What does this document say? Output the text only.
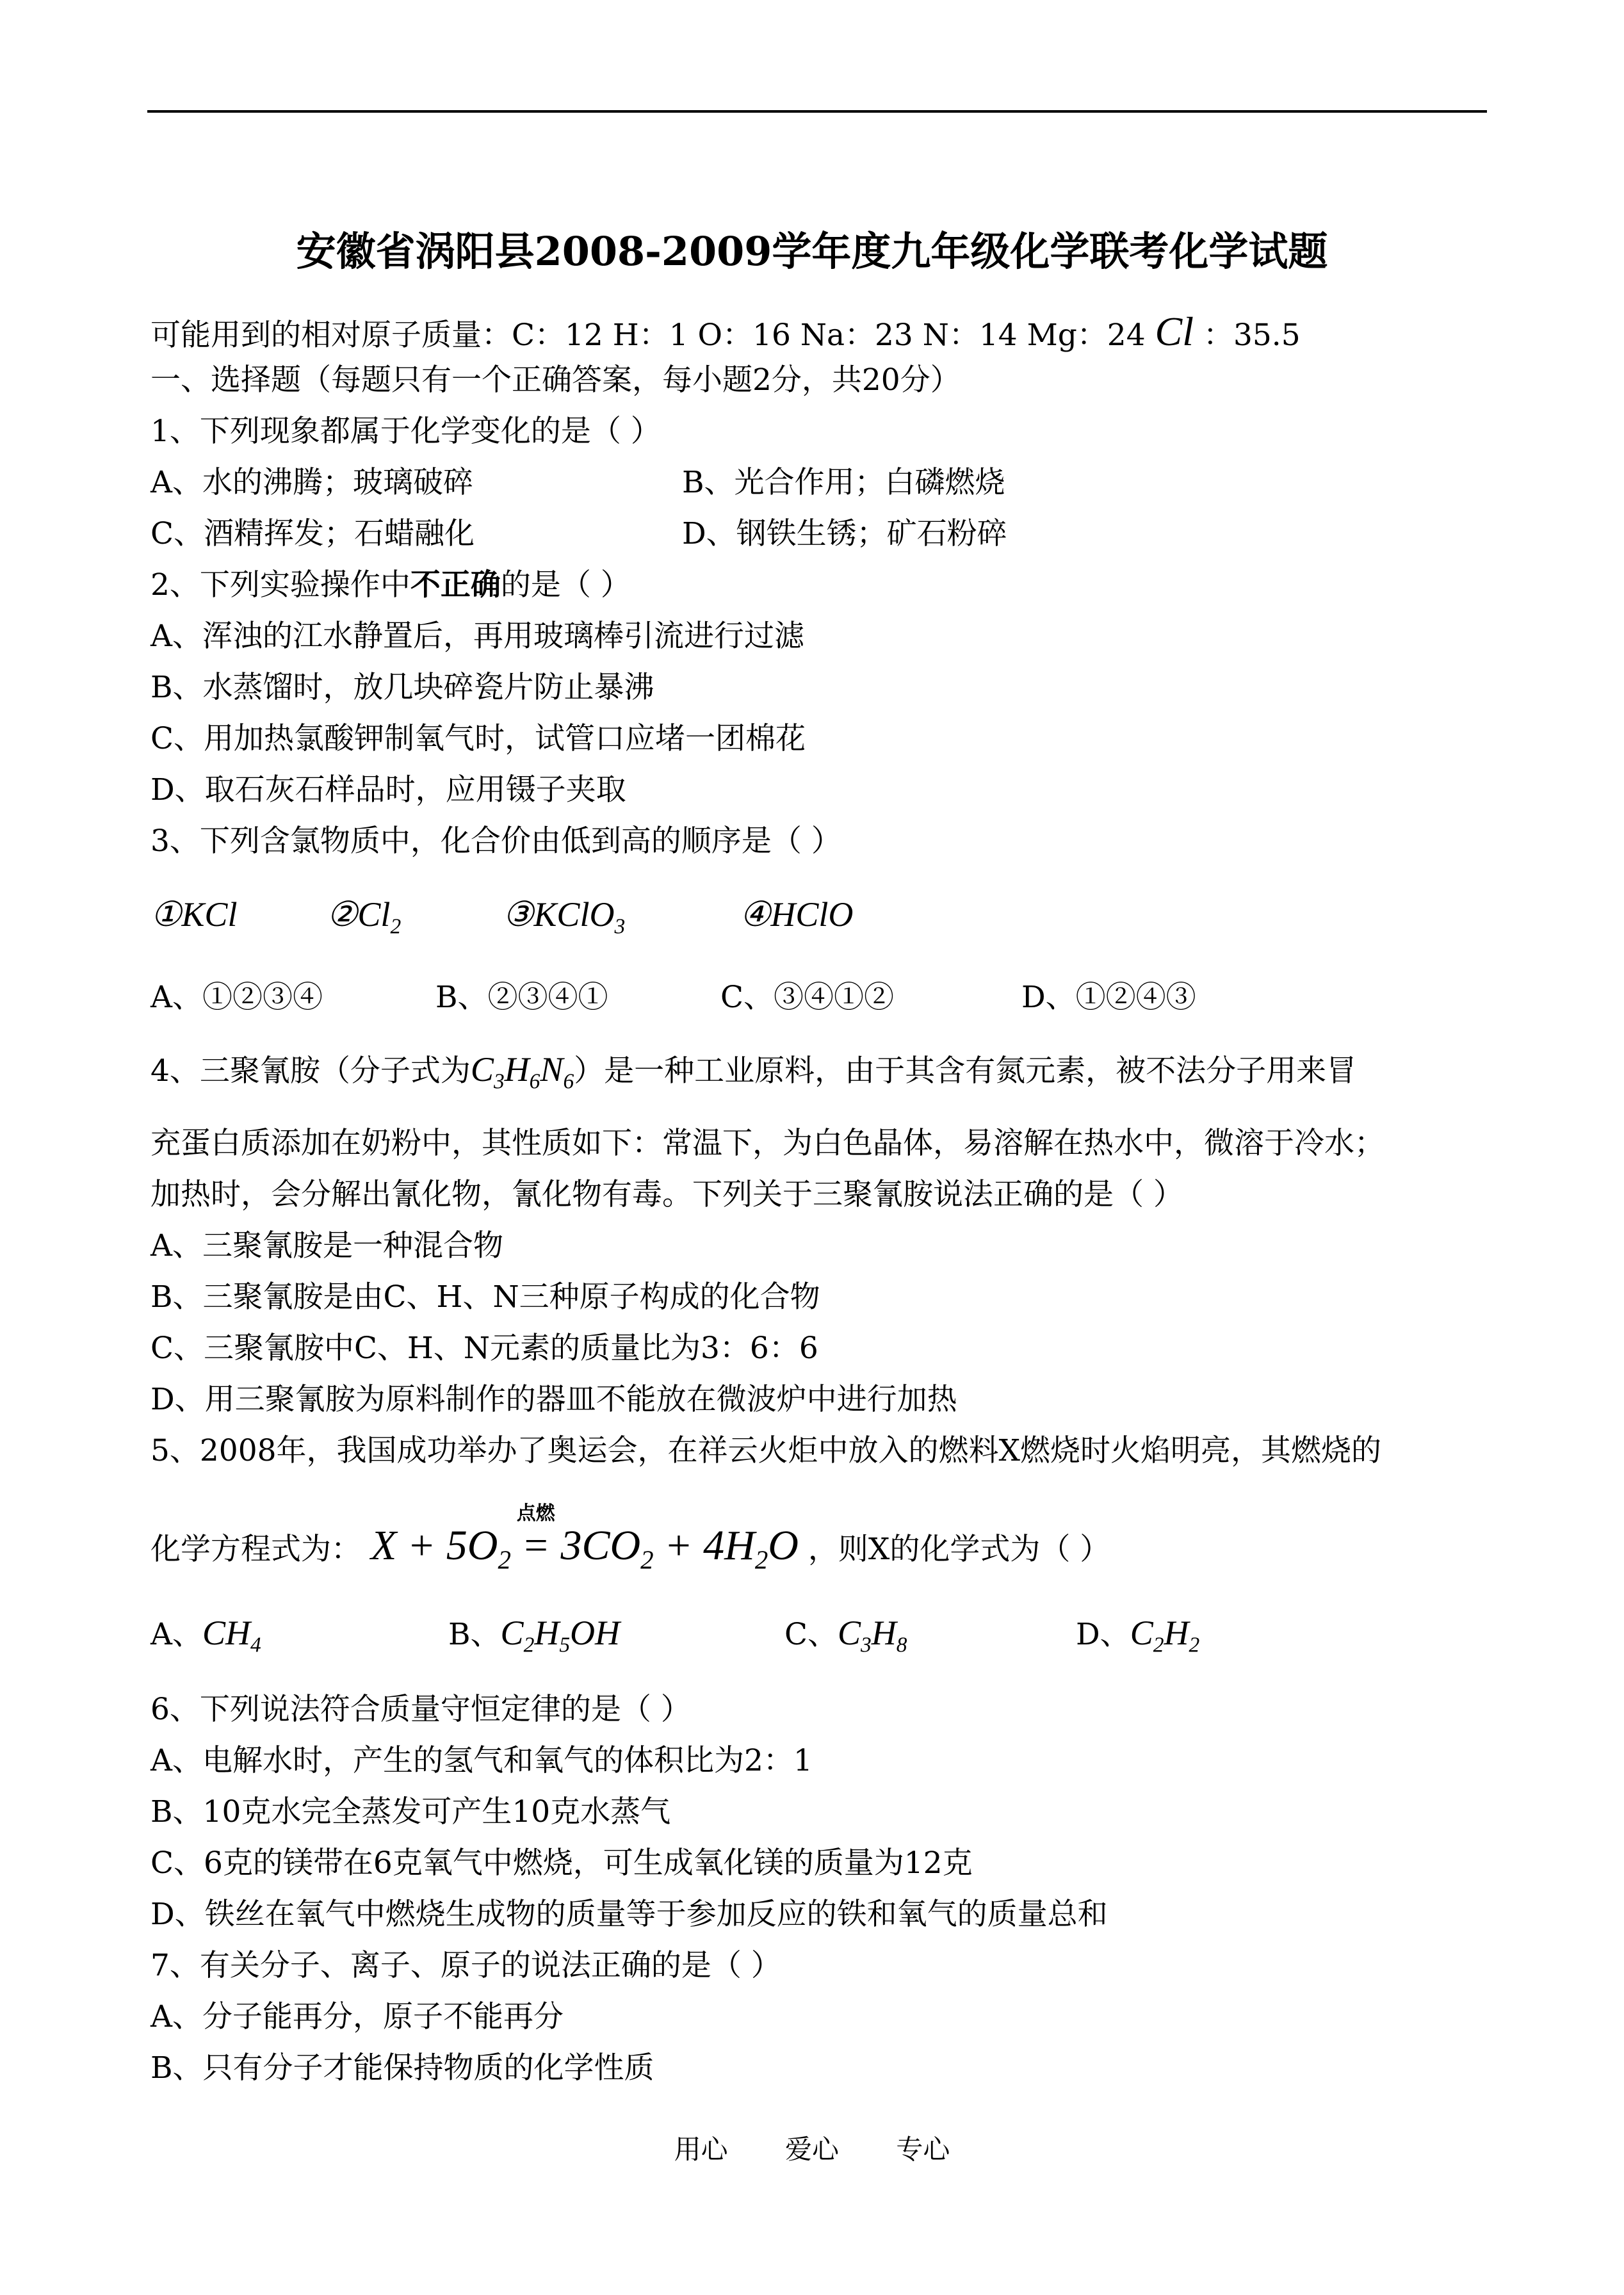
安徽省涡阳县2008-2009学年度九年级化学联考化学试题
可能用到的相对原子质量：C：12 H：1 O：16 Na：23 N：14 Mg：24 Cl ：35.5
一、选择题（每题只有一个正确答案，每小题2分，共20分）
1、下列现象都属于化学变化的是（ ）
A、水的沸腾；玻璃破碎	B、光合作用；白磷燃烧
C、酒精挥发；石蜡融化	D、钢铁生锈；矿石粉碎
2、下列实验操作中不正确的是（ ）
A、浑浊的江水静置后，再用玻璃棒引流进行过滤
B、水蒸馏时，放几块碎瓷片防止暴沸
C、用加热氯酸钾制氧气时，试管口应堵一团棉花
D、取石灰石样品时，应用镊子夹取
3、下列含氯物质中，化合价由低到高的顺序是（ ）
①KCl	$②Cl_2$	③KClO$_3$	④HClO
A、①②③④	B、②③④①	C、③④①②	D、①②④③
4、三聚氰胺（分子式为$C_3H_6N_6$）是一种工业原料，由于其含有氮元素，被不法分子用来冒
充蛋白质添加在奶粉中，其性质如下：常温下，为白色晶体，易溶解在热水中，微溶于冷水；
加热时，会分解出氰化物，氰化物有毒。下列关于三聚氰胺说法正确的是（ ）
A、三聚氰胺是一种混合物
B、三聚氰胺是由C、H、N三种原子构成的化合物
C、三聚氰胺中C、H、N元素的质量比为3：6：6
D、用三聚氰胺为原料制作的器皿不能放在微波炉中进行加热
5、2008年，我国成功举办了奥运会，在祥云火炬中放入的燃料X燃烧时火焰明亮，其燃烧的
化学方程式为： $X + 5O_2$
点燃
= $3CO_2 + 4H_2O$ ，则X的化学式为（ ）
A、$CH_4$	B、$C_2H_5OH$	C、$C_3H_8$	D、$C_2H_2$
6、下列说法符合质量守恒定律的是（ ）
A、电解水时，产生的氢气和氧气的体积比为2：1
B、10克水完全蒸发可产生10克水蒸气
C、6克的镁带在6克氧气中燃烧，可生成氧化镁的质量为12克
D、铁丝在氧气中燃烧生成物的质量等于参加反应的铁和氧气的质量总和
7、有关分子、离子、原子的说法正确的是（ ）
A、分子能再分，原子不能再分
B、只有分子才能保持物质的化学性质
用心 爱心 专心
